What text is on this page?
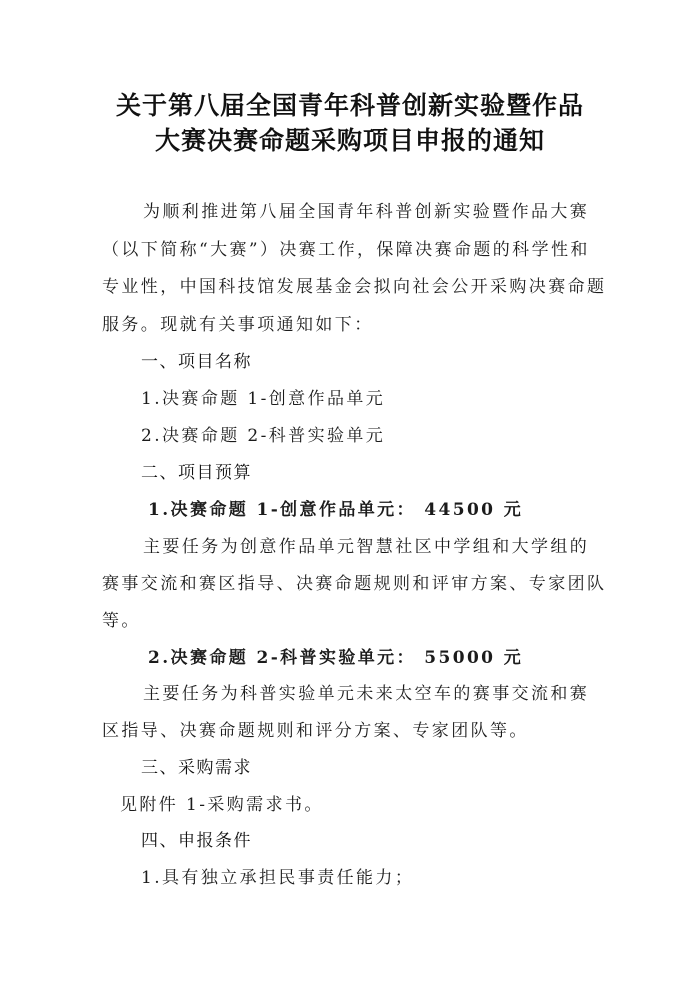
关于第八届全国青年科普创新实验暨作品
大赛决赛命题采购项目申报的通知
为顺利推进第八届全国青年科普创新实验暨作品大赛
（以下简称“大赛”）决赛工作，保障决赛命题的科学性和
专业性，中国科技馆发展基金会拟向社会公开采购决赛命题
服务。现就有关事项通知如下：
一、项目名称
1.决赛命题 1-创意作品单元
2.决赛命题 2-科普实验单元
二、项目预算
1.决赛命题 1-创意作品单元： 44500 元
主要任务为创意作品单元智慧社区中学组和大学组的
赛事交流和赛区指导、决赛命题规则和评审方案、专家团队
等。
2.决赛命题 2-科普实验单元： 55000 元
主要任务为科普实验单元未来太空车的赛事交流和赛
区指导、决赛命题规则和评分方案、专家团队等。
三、采购需求
见附件 1-采购需求书。
四、申报条件
1.具有独立承担民事责任能力；
